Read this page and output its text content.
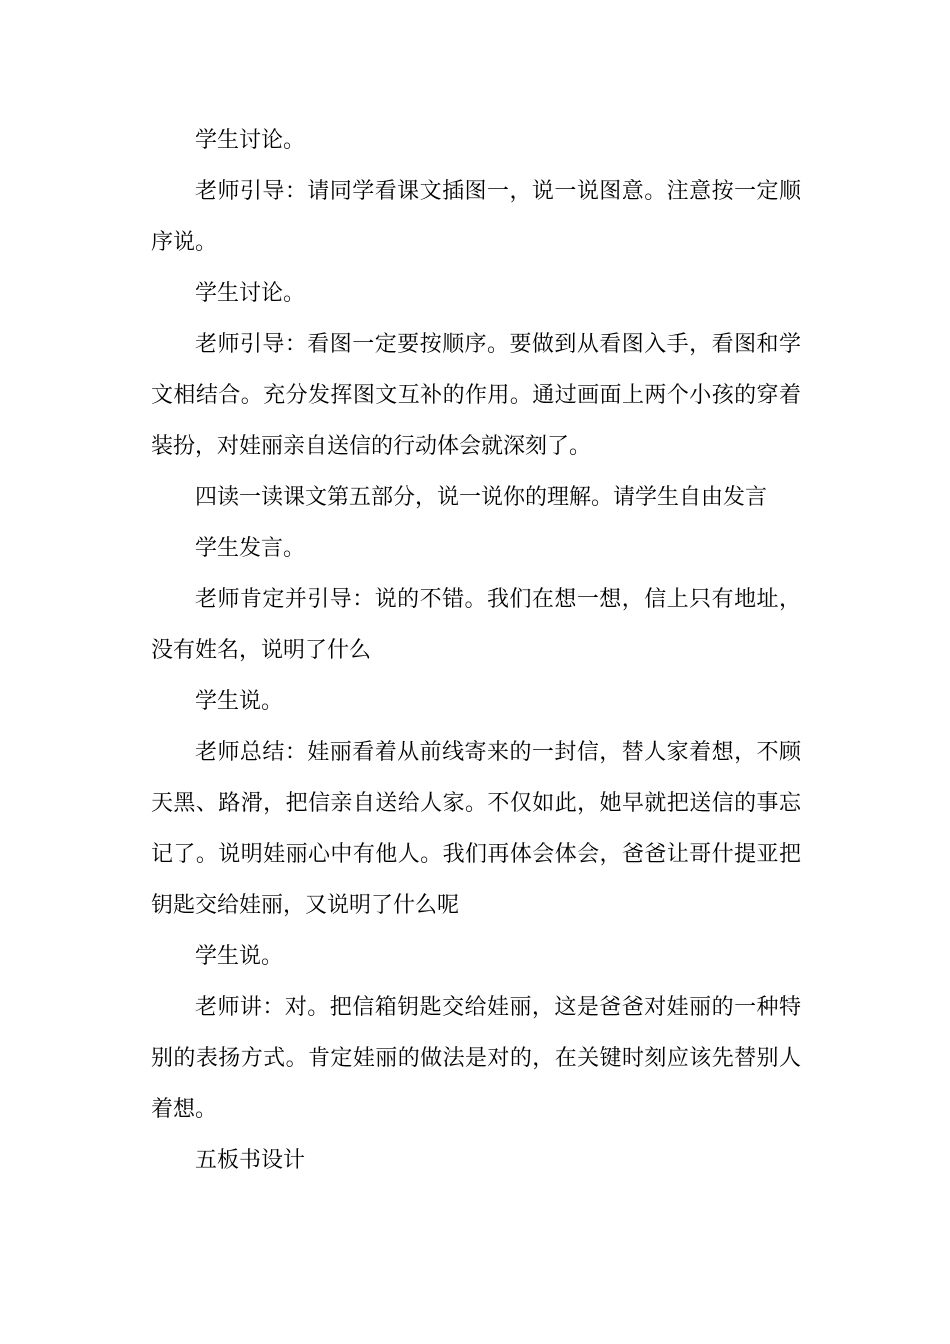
学生讨论。

老师引导：请同学看课文插图一，说一说图意。注意按一定顺序说。

学生讨论。

老师引导：看图一定要按顺序。要做到从看图入手，看图和学文相结合。充分发挥图文互补的作用。通过画面上两个小孩的穿着装扮，对娃丽亲自送信的行动体会就深刻了。

四读一读课文第五部分，说一说你的理解。请学生自由发言

学生发言。

老师肯定并引导：说的不错。我们在想一想，信上只有地址，没有姓名，说明了什么

学生说。

老师总结：娃丽看着从前线寄来的一封信，替人家着想，不顾天黑、路滑，把信亲自送给人家。不仅如此，她早就把送信的事忘记了。说明娃丽心中有他人。我们再体会体会，爸爸让哥什提亚把钥匙交给娃丽，又说明了什么呢

学生说。

老师讲：对。把信箱钥匙交给娃丽，这是爸爸对娃丽的一种特别的表扬方式。肯定娃丽的做法是对的，在关键时刻应该先替别人着想。

五板书设计
